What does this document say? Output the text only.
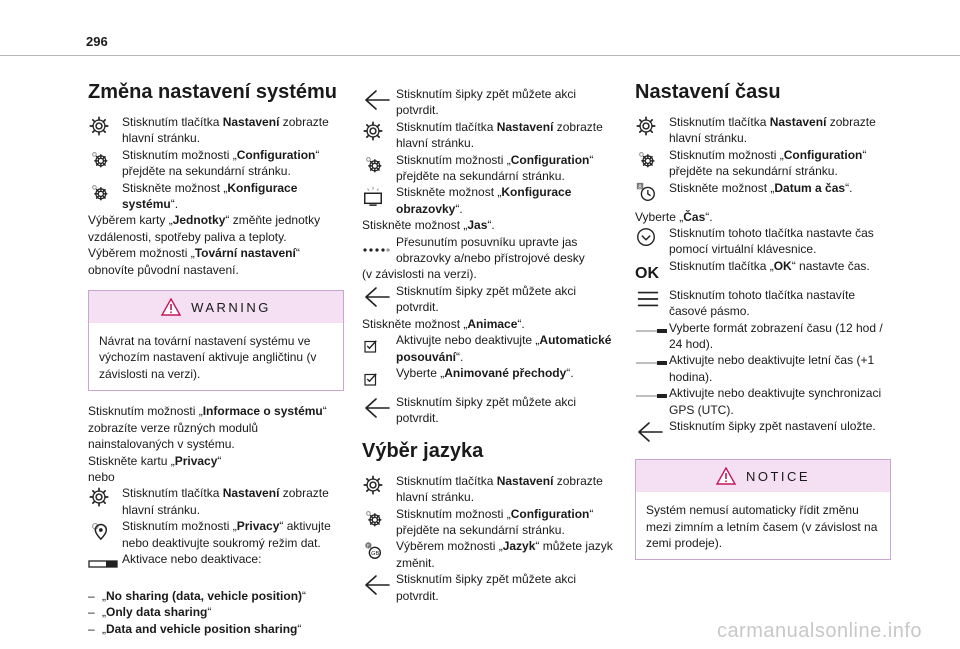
296
Změna nastavení systému
Stisknutím tlačítka Nastavení zobrazte hlavní stránku.
Stisknutím možnosti „Configuration“ přejděte na sekundární stránku.
Stiskněte možnost „Konfigurace systému“.
Výběrem karty „Jednotky“ změňte jednotky vzdálenosti, spotřeby paliva a teploty.
Výběrem možnosti „Tovární nastavení“ obnovíte původní nastavení.
WARNING
Návrat na tovární nastavení systému ve výchozím nastavení aktivuje angličtinu (v závislosti na verzi).
Stisknutím možnosti „Informace o systému“ zobrazíte verze různých modulů nainstalovaných v systému.
Stiskněte kartu „Privacy“
nebo
Stisknutím tlačítka Nastavení zobrazte hlavní stránku.
Stisknutím možnosti „Privacy“ aktivujte nebo deaktivujte soukromý režim dat.
Aktivace nebo deaktivace:
– „No sharing (data, vehicle position)“
– „Only data sharing“
– „Data and vehicle position sharing“
Stisknutím šipky zpět můžete akci potvrdit.
Stisknutím tlačítka Nastavení zobrazte hlavní stránku.
Stisknutím možnosti „Configuration“ přejděte na sekundární stránku.
Stiskněte možnost „Konfigurace obrazovky“.
Stiskněte možnost „Jas“.
Přesunutím posuvníku upravte jas obrazovky a/nebo přístrojové desky
(v závislosti na verzi).
Stisknutím šipky zpět můžete akci potvrdit.
Stiskněte možnost „Animace“.
Aktivujte nebo deaktivujte „Automatické posouvání“.
Vyberte „Animované přechody“.
Stisknutím šipky zpět můžete akci potvrdit.
Výběr jazyka
Stisknutím tlačítka Nastavení zobrazte hlavní stránku.
Stisknutím možnosti „Configuration“ přejděte na sekundární stránku.
F
GB
Výběrem možnosti „Jazyk“ můžete jazyk změnit.
Stisknutím šipky zpět můžete akci potvrdit.
Nastavení času
Stisknutím tlačítka Nastavení zobrazte hlavní stránku.
Stisknutím možnosti „Configuration“ přejděte na sekundární stránku.
8 Stiskněte možnost „Datum a čas“.
Vyberte „Čas“.
Stisknutím tohoto tlačítka nastavte čas pomocí virtuální klávesnice.
OK Stisknutím tlačítka „OK“ nastavte čas.
Stisknutím tohoto tlačítka nastavíte časové pásmo.
Vyberte formát zobrazení času (12 hod / 24 hod).
Aktivujte nebo deaktivujte letní čas (+1 hodina).
Aktivujte nebo deaktivujte synchronizaci GPS (UTC).
Stisknutím šipky zpět nastavení uložte.
NOTICE
Systém nemusí automaticky řídit změnu mezi zimním a letním časem (v závislost na zemi prodeje).
carmanualsonline.info
